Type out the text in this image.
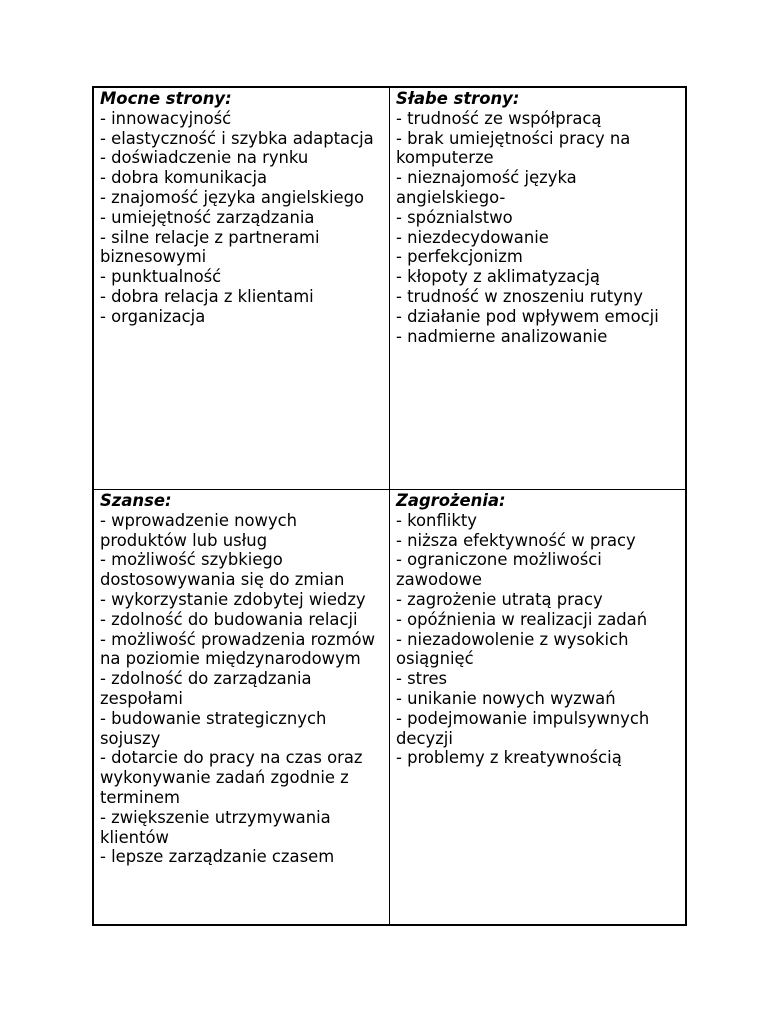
Mocne strony:
- innowacyjność
- elastyczność i szybka adaptacja
- doświadczenie na rynku
- dobra komunikacja
- znajomość języka angielskiego
- umiejętność zarządzania
- silne relacje z partnerami biznesowymi
- punktualność
- dobra relacja z klientami
- organizacja
Słabe strony:
- trudność ze współpracą
- brak umiejętności pracy na komputerze
- nieznajomość języka angielskiego-
- spóznialstwo
- niezdecydowanie
- perfekcjonizm
- kłopoty z aklimatyzacją
- trudność w znoszeniu rutyny
- działanie pod wpływem emocji
- nadmierne analizowanie
Szanse:
- wprowadzenie nowych produktów lub usług
- możliwość szybkiego dostosowywania się do zmian
- wykorzystanie zdobytej wiedzy
- zdolność do budowania relacji
- możliwość prowadzenia rozmów na poziomie międzynarodowym
- zdolność do zarządzania zespołami
- budowanie strategicznych sojuszy
- dotarcie do pracy na czas oraz wykonywanie zadań zgodnie z terminem
- zwiększenie utrzymywania klientów
- lepsze zarządzanie czasem
Zagrożenia:
- konflikty
- niższa efektywność w pracy
- ograniczone możliwości zawodowe
- zagrożenie utratą pracy
- opóźnienia w realizacji zadań
- niezadowolenie z wysokich osiągnięć
- stres
- unikanie nowych wyzwań
- podejmowanie impulsywnych decyzji
- problemy z kreatywnością
